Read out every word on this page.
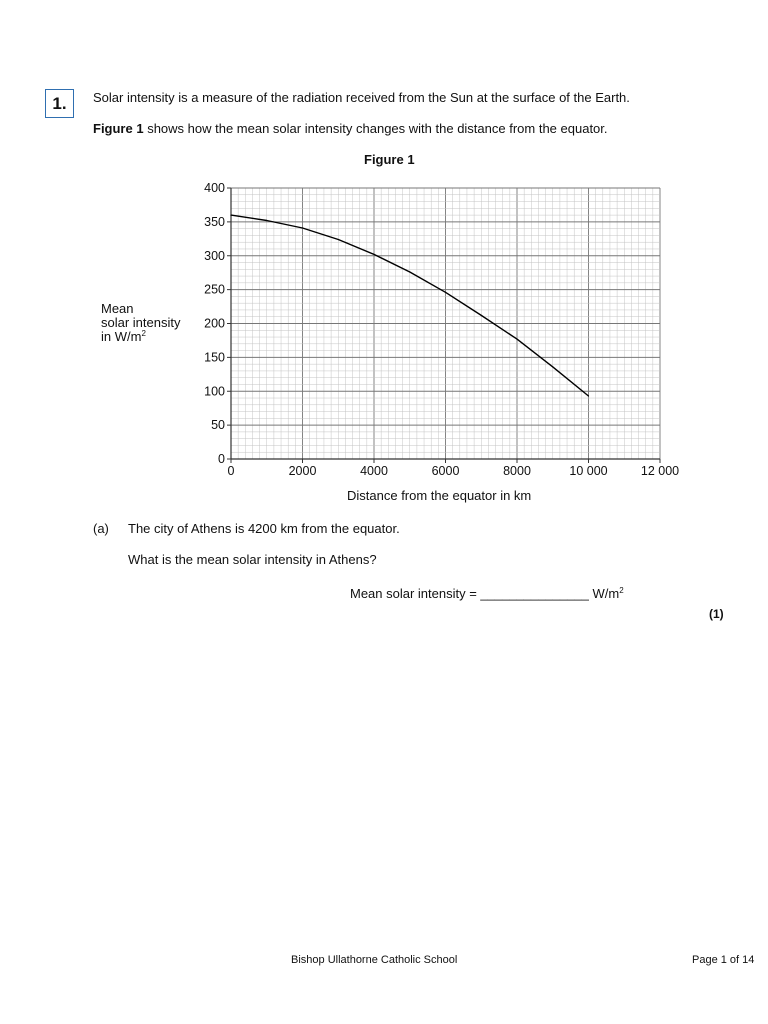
1.	Solar intensity is a measure of the radiation received from the Sun at the surface of the Earth.
Figure 1 shows how the mean solar intensity changes with the distance from the equator.
Figure 1
Mean
solar intensity
in $W/m^2$
0
50
100
150
200
250
300
350
400
0	2000	4000	6000	8000	10 000	12 000
Distance from the equator in km
(a) The city of Athens is 4200 km from the equator.
What is the mean solar intensity in Athens?
Mean solar intensity = _______________ $W/m^2$
(1)
Bishop Ullathorne Catholic School	Page 1 of 14
